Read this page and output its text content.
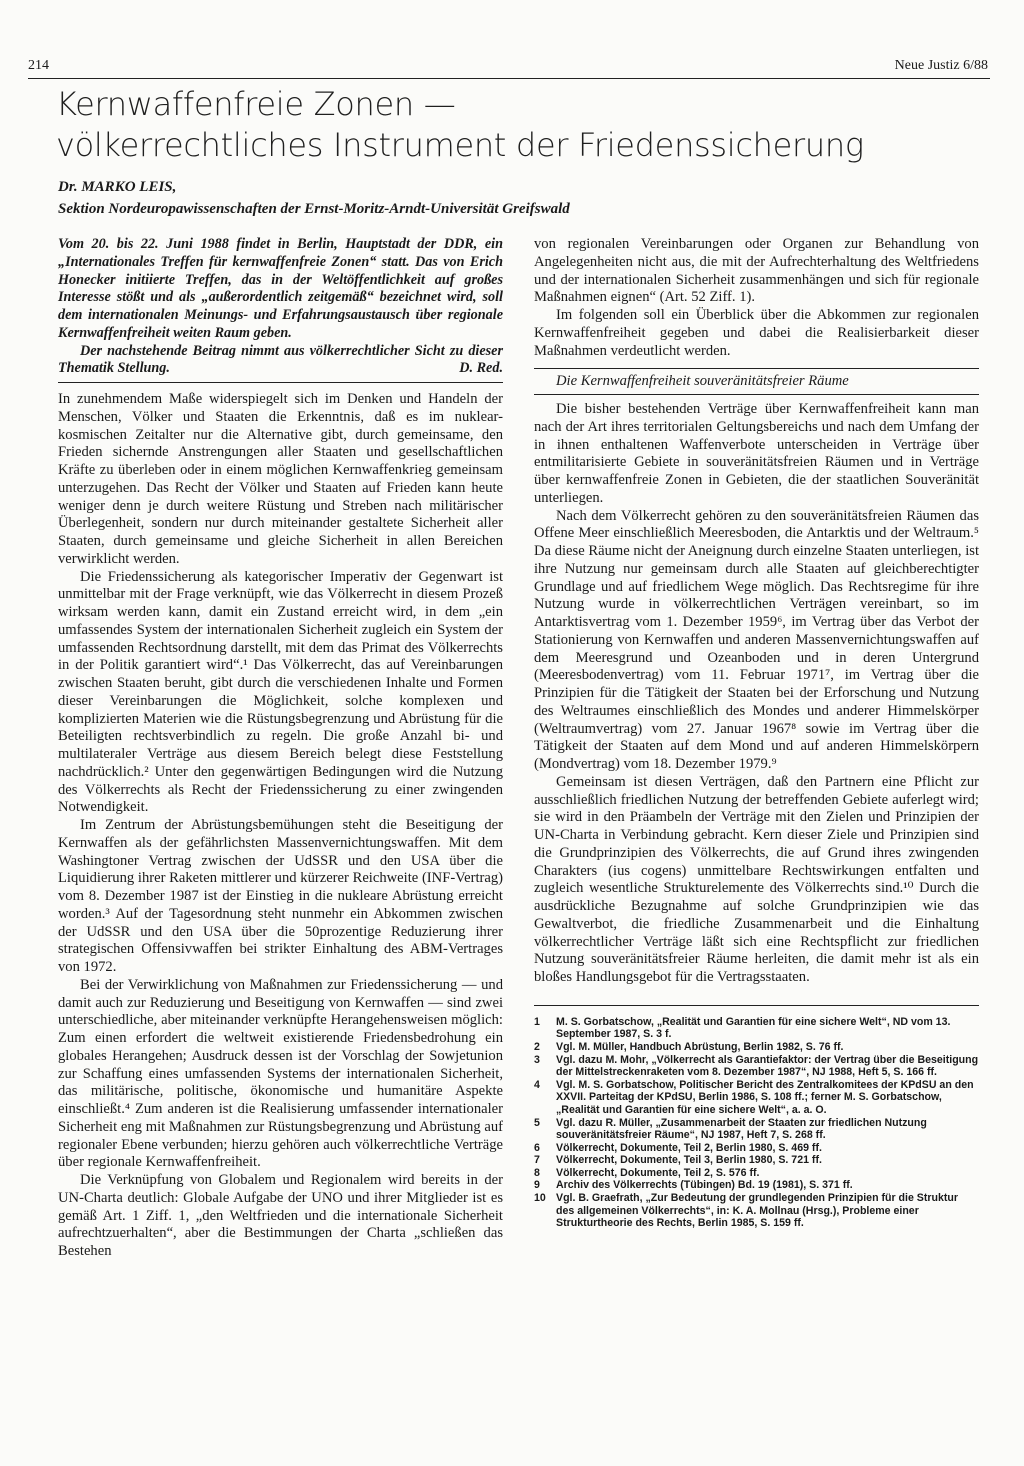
214	Neue Justiz 6/88
Kernwaffenfreie Zonen —
völkerrechtliches Instrument der Friedenssicherung
Dr. MARKO LEIS,
Sektion Nordeuropawissenschaften der Ernst-Moritz-Arndt-Universität Greifswald

Vom 20. bis 22. Juni 1988 findet in Berlin, Hauptstadt der DDR, ein „Internationales Treffen für kernwaffenfreie Zonen“ statt. Das von Erich Honecker initiierte Treffen, das in der Weltöffentlichkeit auf großes Interesse stößt und als „außerordentlich zeitgemäß“ bezeichnet wird, soll dem internationalen Meinungs- und Erfahrungsaustausch über regionale Kernwaffenfreiheit weiten Raum geben.

Der nachstehende Beitrag nimmt aus völkerrechtlicher Sicht zu dieser Thematik Stellung.	D. Red.

In zunehmendem Maße widerspiegelt sich im Denken und Handeln der Menschen, Völker und Staaten die Erkenntnis, daß es im nuklear-kosmischen Zeitalter nur die Alternative gibt, durch gemeinsame, den Frieden sichernde Anstrengungen aller Staaten und gesellschaftlichen Kräfte zu überleben oder in einem möglichen Kernwaffenkrieg gemeinsam unterzugehen. Das Recht der Völker und Staaten auf Frieden kann heute weniger denn je durch weitere Rüstung und Streben nach militärischer Überlegenheit, sondern nur durch miteinander gestaltete Sicherheit aller Staaten, durch gemeinsame und gleiche Sicherheit in allen Bereichen verwirklicht werden.

Die Friedenssicherung als kategorischer Imperativ der Gegenwart ist unmittelbar mit der Frage verknüpft, wie das Völkerrecht in diesem Prozeß wirksam werden kann, damit ein Zustand erreicht wird, in dem „ein umfassendes System der internationalen Sicherheit zugleich ein System der umfassenden Rechtsordnung darstellt, mit dem das Primat des Völkerrechts in der Politik garantiert wird“.¹ Das Völkerrecht, das auf Vereinbarungen zwischen Staaten beruht, gibt durch die verschiedenen Inhalte und Formen dieser Vereinbarungen die Möglichkeit, solche komplexen und komplizierten Materien wie die Rüstungsbegrenzung und Abrüstung für die Beteiligten rechtsverbindlich zu regeln. Die große Anzahl bi- und multilateraler Verträge aus diesem Bereich belegt diese Feststellung nachdrücklich.² Unter den gegenwärtigen Bedingungen wird die Nutzung des Völkerrechts als Recht der Friedenssicherung zu einer zwingenden Notwendigkeit.

Im Zentrum der Abrüstungsbemühungen steht die Beseitigung der Kernwaffen als der gefährlichsten Massenvernichtungswaffen. Mit dem Washingtoner Vertrag zwischen der UdSSR und den USA über die Liquidierung ihrer Raketen mittlerer und kürzerer Reichweite (INF-Vertrag) vom 8. Dezember 1987 ist der Einstieg in die nukleare Abrüstung erreicht worden.³ Auf der Tagesordnung steht nunmehr ein Abkommen zwischen der UdSSR und den USA über die 50prozentige Reduzierung ihrer strategischen Offensivwaffen bei strikter Einhaltung des ABM-Vertrages von 1972.

Bei der Verwirklichung von Maßnahmen zur Friedenssicherung — und damit auch zur Reduzierung und Beseitigung von Kernwaffen — sind zwei unterschiedliche, aber miteinander verknüpfte Herangehensweisen möglich: Zum einen erfordert die weltweit existierende Friedensbedrohung ein globales Herangehen; Ausdruck dessen ist der Vorschlag der Sowjetunion zur Schaffung eines umfassenden Systems der internationalen Sicherheit, das militärische, politische, ökonomische und humanitäre Aspekte einschließt.⁴ Zum anderen ist die Realisierung umfassender internationaler Sicherheit eng mit Maßnahmen zur Rüstungsbegrenzung und Abrüstung auf regionaler Ebene verbunden; hierzu gehören auch völkerrechtliche Verträge über regionale Kernwaffenfreiheit.

Die Verknüpfung von Globalem und Regionalem wird bereits in der UN-Charta deutlich: Globale Aufgabe der UNO und ihrer Mitglieder ist es gemäß Art. 1 Ziff. 1, „den Weltfrieden und die internationale Sicherheit aufrechtzuerhalten“, aber die Bestimmungen der Charta „schließen das Bestehen

von regionalen Vereinbarungen oder Organen zur Behandlung von Angelegenheiten nicht aus, die mit der Aufrechterhaltung des Weltfriedens und der internationalen Sicherheit zusammenhängen und sich für regionale Maßnahmen eignen“ (Art. 52 Ziff. 1).

Im folgenden soll ein Überblick über die Abkommen zur regionalen Kernwaffenfreiheit gegeben und dabei die Realisierbarkeit dieser Maßnahmen verdeutlicht werden.

Die Kernwaffenfreiheit souveränitätsfreier Räume

Die bisher bestehenden Verträge über Kernwaffenfreiheit kann man nach der Art ihres territorialen Geltungsbereichs und nach dem Umfang der in ihnen enthaltenen Waffenverbote unterscheiden in Verträge über entmilitarisierte Gebiete in souveränitätsfreien Räumen und in Verträge über kernwaffenfreie Zonen in Gebieten, die der staatlichen Souveränität unterliegen.

Nach dem Völkerrecht gehören zu den souveränitätsfreien Räumen das Offene Meer einschließlich Meeresboden, die Antarktis und der Weltraum.⁵ Da diese Räume nicht der Aneignung durch einzelne Staaten unterliegen, ist ihre Nutzung nur gemeinsam durch alle Staaten auf gleichberechtigter Grundlage und auf friedlichem Wege möglich. Das Rechtsregime für ihre Nutzung wurde in völkerrechtlichen Verträgen vereinbart, so im Antarktisvertrag vom 1. Dezember 1959⁶, im Vertrag über das Verbot der Stationierung von Kernwaffen und anderen Massenvernichtungswaffen auf dem Meeresgrund und Ozeanboden und in deren Untergrund (Meeresbodenvertrag) vom 11. Februar 1971⁷, im Vertrag über die Prinzipien für die Tätigkeit der Staaten bei der Erforschung und Nutzung des Weltraumes einschließlich des Mondes und anderer Himmelskörper (Weltraumvertrag) vom 27. Januar 1967⁸ sowie im Vertrag über die Tätigkeit der Staaten auf dem Mond und auf anderen Himmelskörpern (Mondvertrag) vom 18. Dezember 1979.⁹

Gemeinsam ist diesen Verträgen, daß den Partnern eine Pflicht zur ausschließlich friedlichen Nutzung der betreffenden Gebiete auferlegt wird; sie wird in den Präambeln der Verträge mit den Zielen und Prinzipien der UN-Charta in Verbindung gebracht. Kern dieser Ziele und Prinzipien sind die Grundprinzipien des Völkerrechts, die auf Grund ihres zwingenden Charakters (ius cogens) unmittelbare Rechtswirkungen entfalten und zugleich wesentliche Strukturelemente des Völkerrechts sind.¹⁰ Durch die ausdrückliche Bezugnahme auf solche Grundprinzipien wie das Gewaltverbot, die friedliche Zusammenarbeit und die Einhaltung völkerrechtlicher Verträge läßt sich eine Rechtspflicht zur friedlichen Nutzung souveränitätsfreier Räume herleiten, die damit mehr ist als ein bloßes Handlungsgebot für die Vertragsstaaten.

1	M. S. Gorbatschow, „Realität und Garantien für eine sichere Welt“, ND vom 13. September 1987, S. 3 f.
2	Vgl. M. Müller, Handbuch Abrüstung, Berlin 1982, S. 76 ff.
3	Vgl. dazu M. Mohr, „Völkerrecht als Garantiefaktor: der Vertrag über die Beseitigung der Mittelstreckenraketen vom 8. Dezember 1987“, NJ 1988, Heft 5, S. 166 ff.
4	Vgl. M. S. Gorbatschow, Politischer Bericht des Zentralkomitees der KPdSU an den XXVII. Parteitag der KPdSU, Berlin 1986, S. 108 ff.; ferner M. S. Gorbatschow, „Realität und Garantien für eine sichere Welt“, a. a. O.
5	Vgl. dazu R. Müller, „Zusammenarbeit der Staaten zur friedlichen Nutzung souveränitätsfreier Räume“, NJ 1987, Heft 7, S. 268 ff.
6	Völkerrecht, Dokumente, Teil 2, Berlin 1980, S. 469 ff.
7	Völkerrecht, Dokumente, Teil 3, Berlin 1980, S. 721 ff.
8	Völkerrecht, Dokumente, Teil 2, S. 576 ff.
9	Archiv des Völkerrechts (Tübingen) Bd. 19 (1981), S. 371 ff.
10 Vgl. B. Graefrath, „Zur Bedeutung der grundlegenden Prinzipien für die Struktur des allgemeinen Völkerrechts“, in: K. A. Mollnau (Hrsg.), Probleme einer Strukturtheorie des Rechts, Berlin 1985, S. 159 ff.
